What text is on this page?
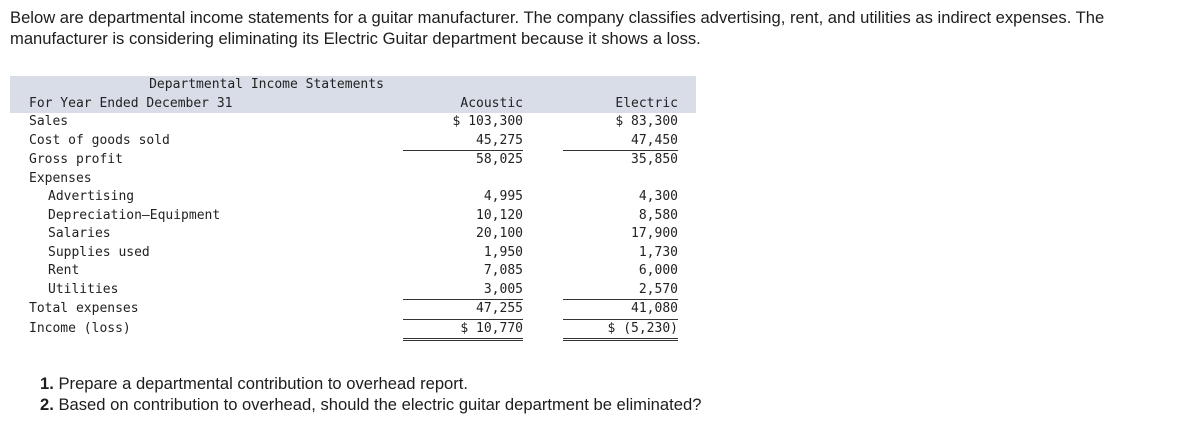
Below are departmental income statements for a guitar manufacturer. The company classifies advertising, rent, and utilities as indirect expenses. The manufacturer is considering eliminating its Electric Guitar department because it shows a loss.

Departmental Income Statements				
For Year Ended December 31	Acoustic		Electric	
Sales	$ 103,300		$ 83,300	
Cost of goods sold	45,275		47,450	
Gross profit	58,025		35,850	
Expenses				
Advertising	4,995		4,300	
Depreciation—Equipment	10,120		8,580	
Salaries	20,100		17,900	
Supplies used	1,950		1,730	
Rent	7,085		6,000	
Utilities	3,005		2,570	
Total expenses	47,255		41,080	
Income (loss)	$ 10,770		$ (5,230)	
1. Prepare a departmental contribution to overhead report.
2. Based on contribution to overhead, should the electric guitar department be eliminated?
